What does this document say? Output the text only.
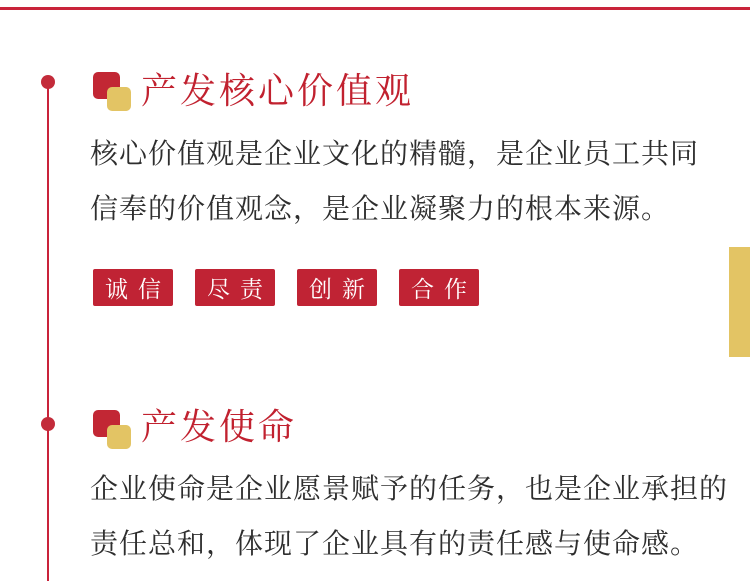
产发核心价值观
核心价值观是企业文化的精髓，是企业员工共同
信奉的价值观念，是企业凝聚力的根本来源。
诚信 尽责 创新 合作
产发使命
企业使命是企业愿景赋予的任务，也是企业承担的
责任总和，体现了企业具有的责任感与使命感。
